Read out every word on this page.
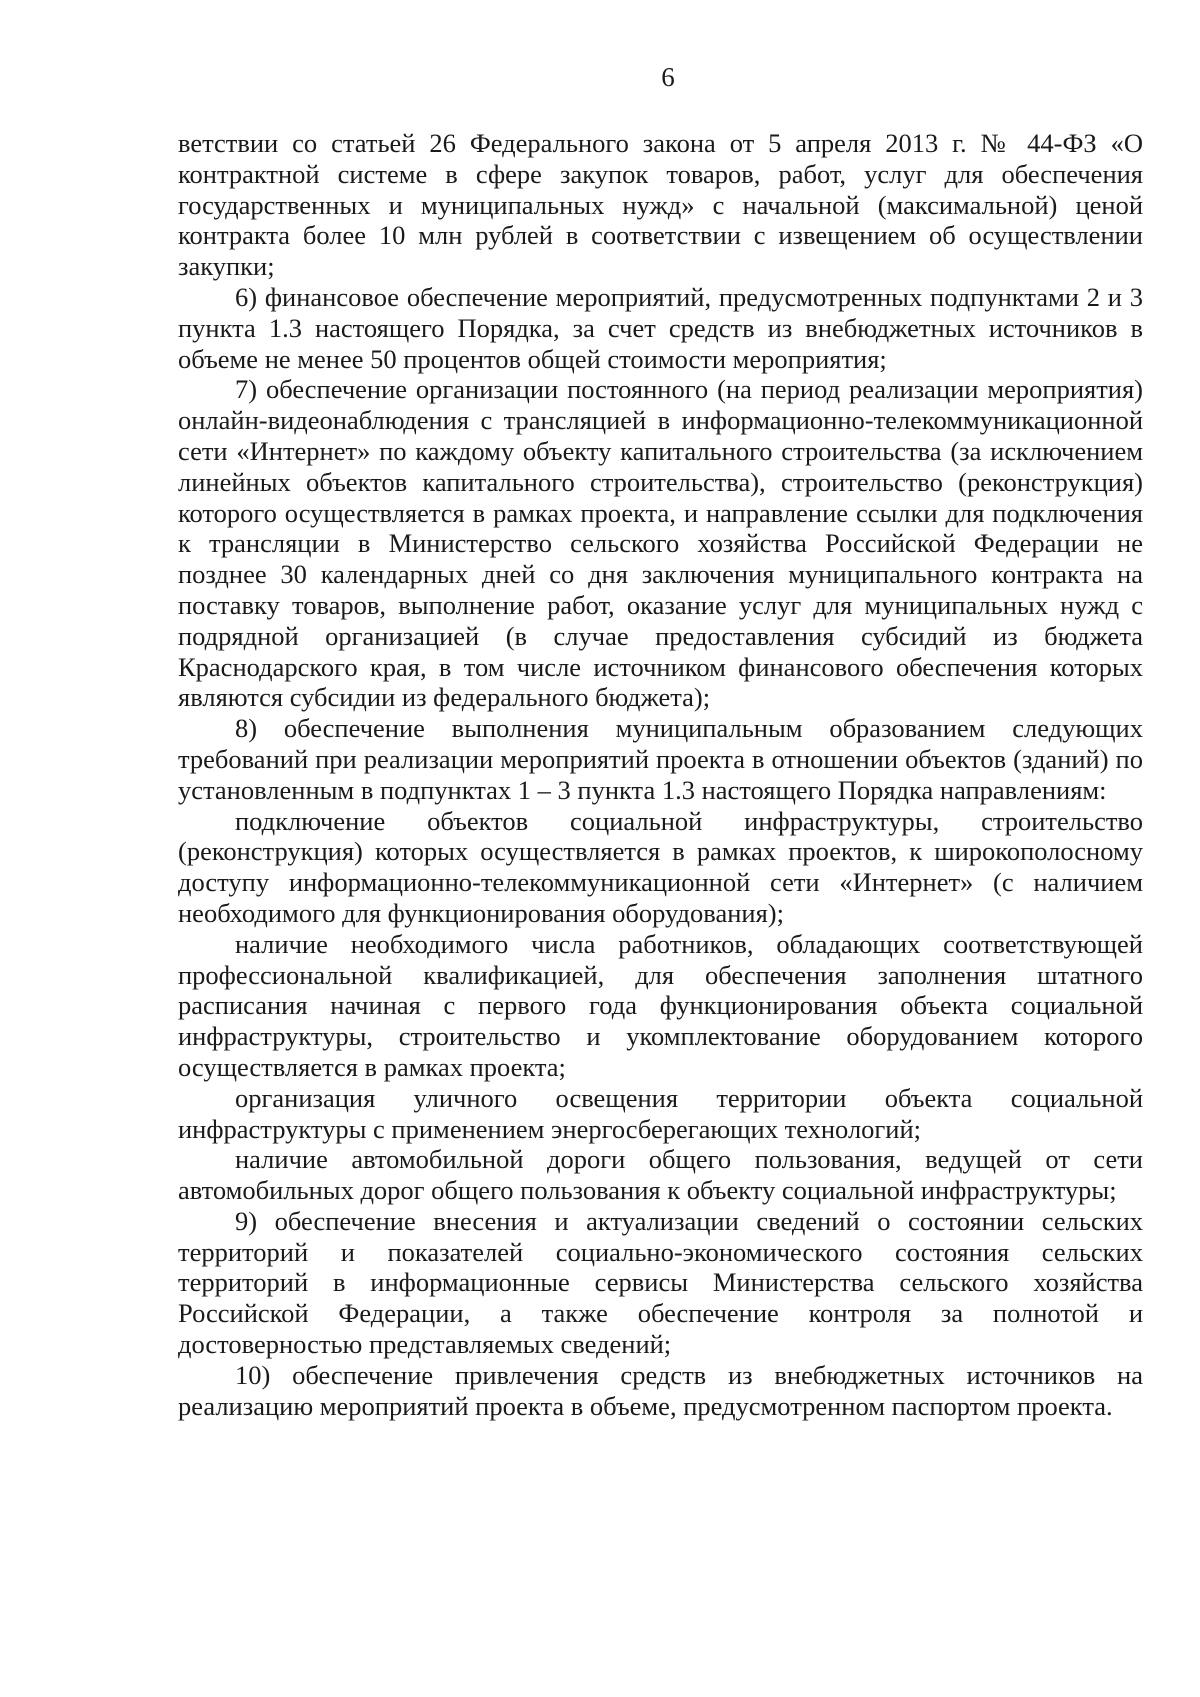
6

ветствии со статьей 26 Федерального закона от 5 апреля 2013 г. № 44-ФЗ «О контрактной системе в сфере закупок товаров, работ, услуг для обеспечения государственных и муниципальных нужд» с начальной (максимальной) ценой контракта более 10 млн рублей в соответствии с извещением об осуществлении закупки;

6) финансовое обеспечение мероприятий, предусмотренных подпунктами 2 и 3 пункта 1.3 настоящего Порядка, за счет средств из внебюджетных источников в объеме не менее 50 процентов общей стоимости мероприятия;

7) обеспечение организации постоянного (на период реализации мероприятия) онлайн-видеонаблюдения с трансляцией в информационно-телекоммуникационной сети «Интернет» по каждому объекту капитального строительства (за исключением линейных объектов капитального строительства), строительство (реконструкция) которого осуществляется в рамках проекта, и направление ссылки для подключения к трансляции в Министерство сельского хозяйства Российской Федерации не позднее 30 календарных дней со дня заключения муниципального контракта на поставку товаров, выполнение работ, оказание услуг для муниципальных нужд с подрядной организацией (в случае предоставления субсидий из бюджета Краснодарского края, в том числе источником финансового обеспечения которых являются субсидии из федерального бюджета);

8) обеспечение выполнения муниципальным образованием следующих требований при реализации мероприятий проекта в отношении объектов (зданий) по установленным в подпунктах 1 – 3 пункта 1.3 настоящего Порядка направлениям:

подключение объектов социальной инфраструктуры, строительство (реконструкция) которых осуществляется в рамках проектов, к широкополосному доступу информационно-телекоммуникационной сети «Интернет» (с наличием необходимого для функционирования оборудования);

наличие необходимого числа работников, обладающих соответствующей профессиональной квалификацией, для обеспечения заполнения штатного расписания начиная с первого года функционирования объекта социальной инфраструктуры, строительство и укомплектование оборудованием которого осуществляется в рамках проекта;

организация уличного освещения территории объекта социальной инфраструктуры с применением энергосберегающих технологий;

наличие автомобильной дороги общего пользования, ведущей от сети автомобильных дорог общего пользования к объекту социальной инфраструктуры;

9) обеспечение внесения и актуализации сведений о состоянии сельских территорий и показателей социально-экономического состояния сельских территорий в информационные сервисы Министерства сельского хозяйства Российской Федерации, а также обеспечение контроля за полнотой и достоверностью представляемых сведений;

10) обеспечение привлечения средств из внебюджетных источников на реализацию мероприятий проекта в объеме, предусмотренном паспортом проекта.
